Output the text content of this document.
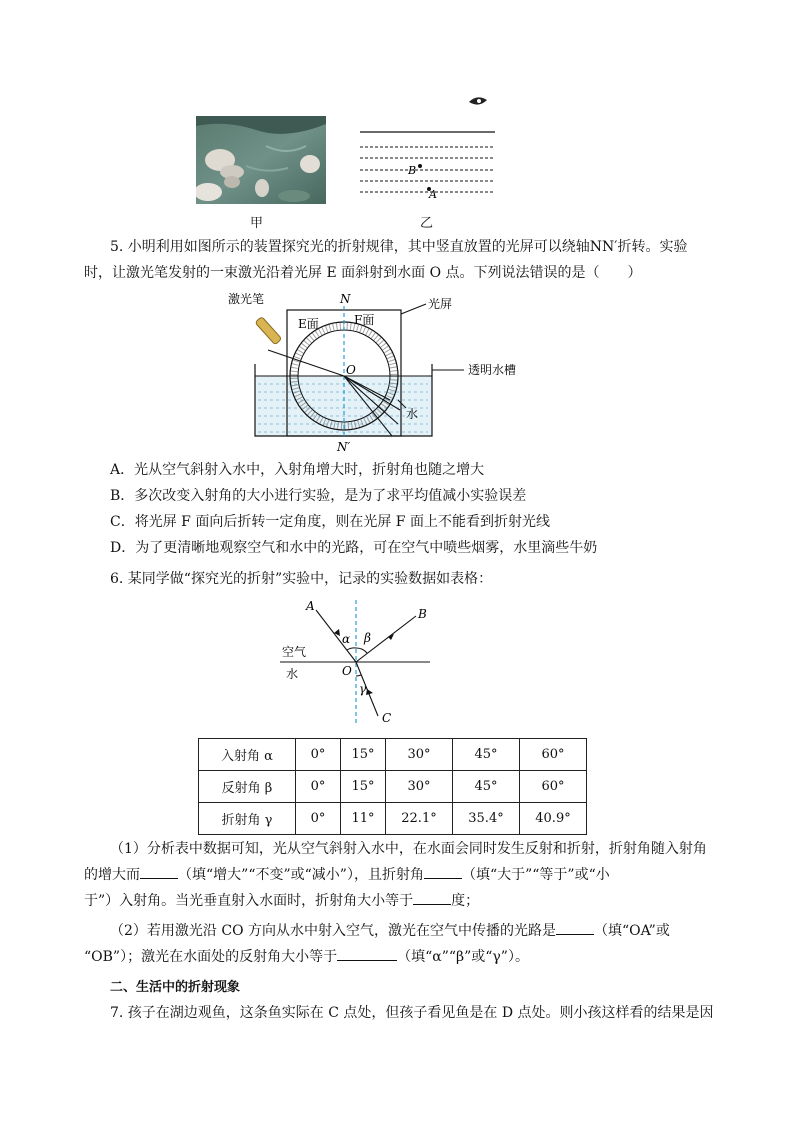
甲
B
A
乙
5. 小明利用如图所示的装置探究光的折射规律，其中竖直放置的光屏可以绕轴NN′折转。实验
时，让激光笔发射的一束激光沿着光屏 E 面斜射到水面 O 点。下列说法错误的是（　　）
激光笔	N
E面	F面
光屏
O	透明水槽
水
N′
A．光从空气斜射入水中，入射角增大时，折射角也随之增大
B．多次改变入射角的大小进行实验，是为了求平均值减小实验误差
C．将光屏 F 面向后折转一定角度，则在光屏 F 面上不能看到折射光线
D．为了更清晰地观察空气和水中的光路，可在空气中喷些烟雾，水里滴些牛奶
6. 某同学做“探究光的折射”实验中，记录的实验数据如表格：
A
B
C
O
α β
γ
空气
水
入射角 α	0°	15°	30°	45°	60°
反射角 β	0°	15°	30°	45°	60°
折射角 γ	0°	11°	22.1°	35.4°	40.9°
（1）分析表中数据可知，光从空气斜射入水中，在水面会同时发生反射和折射，折射角随入射角
的增大而	（填“增大”“不变”或“减小”），且折射角	（填“大于”“等于”或“小
于”）入射角。当光垂直射入水面时，折射角大小等于	度；
（2）若用激光沿 CO 方向从水中射入空气，激光在空气中传播的光路是	（填“OA”或
“OB”）；激光在水面处的反射角大小等于	（填“α”“β”或“γ”）。
二、生活中的折射现象
7. 孩子在湖边观鱼，这条鱼实际在 C 点处，但孩子看见鱼是在 D 点处。则小孩这样看的结果是因
